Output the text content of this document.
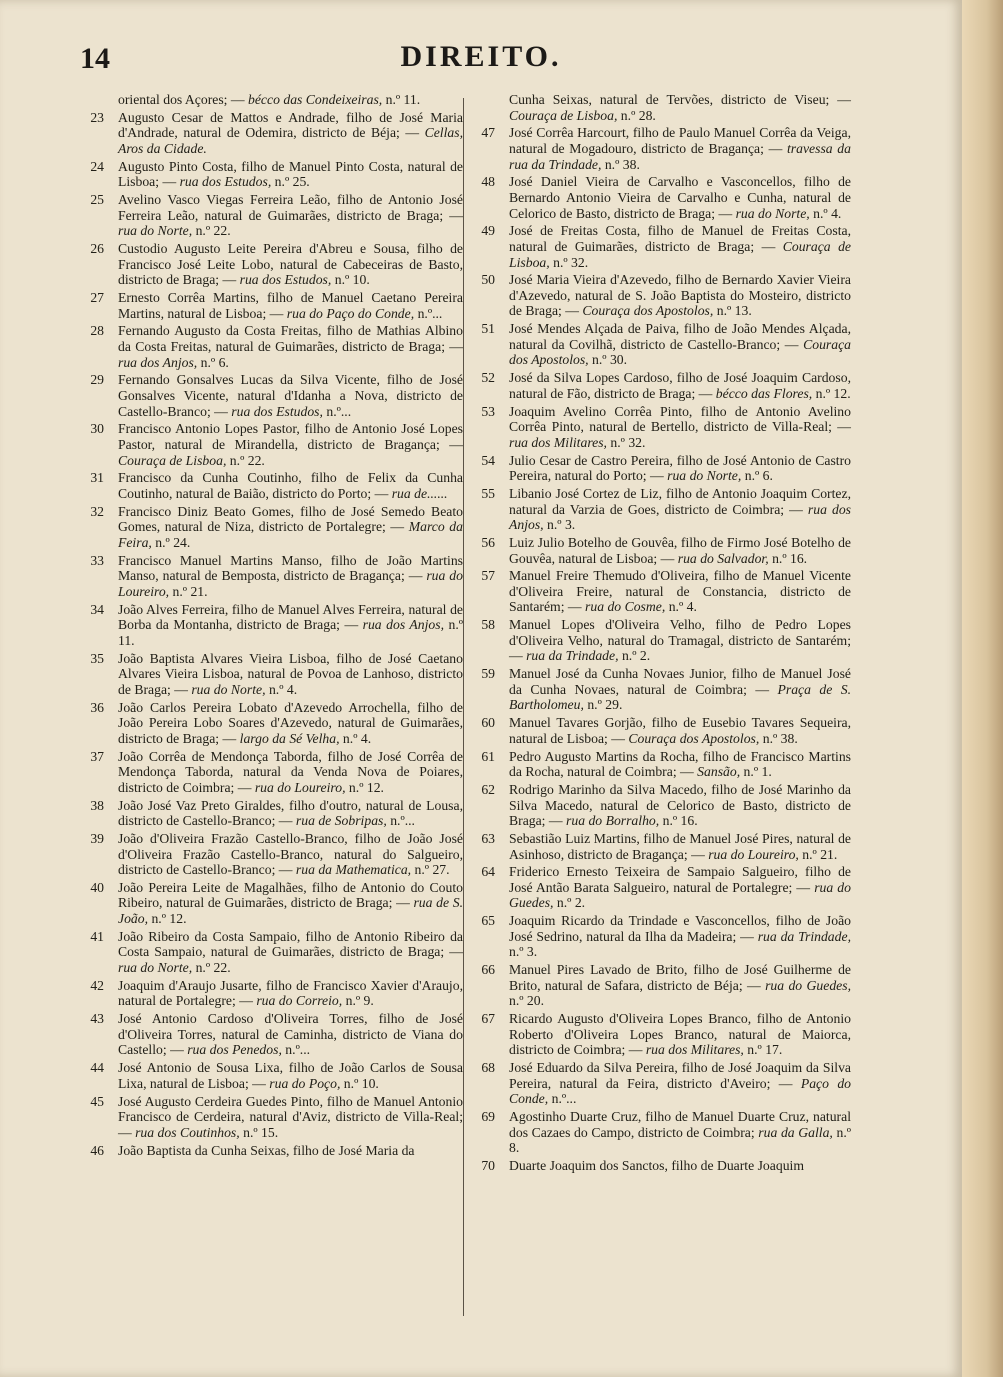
14	DIREITO.
oriental dos Açores; — bécco das Condeixeiras, n.º 11.
23 Augusto Cesar de Mattos e Andrade, filho de José Maria d'Andrade, natural de Odemira, districto de Béja; — Cellas, Aros da Cidade.
24 Augusto Pinto Costa, filho de Manuel Pinto Costa, natural de Lisboa; — rua dos Estudos, n.º 25.
25 Avelino Vasco Viegas Ferreira Leão, filho de Antonio José Ferreira Leão, natural de Guimarães, districto de Braga; — rua do Norte, n.º 22.
26 Custodio Augusto Leite Pereira d'Abreu e Sousa, filho de Francisco José Leite Lobo, natural de Cabeceiras de Basto, districto de Braga; — rua dos Estudos, n.º 10.
27 Ernesto Corrêa Martins, filho de Manuel Caetano Pereira Martins, natural de Lisboa; — rua do Paço do Conde, n.º...
28 Fernando Augusto da Costa Freitas, filho de Mathias Albino da Costa Freitas, natural de Guimarães, districto de Braga; — rua dos Anjos, n.º 6.
29 Fernando Gonsalves Lucas da Silva Vicente, filho de José Gonsalves Vicente, natural d'Idanha a Nova, districto de Castello-Branco; — rua dos Estudos, n.º...
30 Francisco Antonio Lopes Pastor, filho de Antonio José Lopes Pastor, natural de Mirandella, districto de Bragança; — Couraça de Lisboa, n.º 22.
31 Francisco da Cunha Coutinho, filho de Felix da Cunha Coutinho, natural de Baião, districto do Porto; — rua de......
32 Francisco Diniz Beato Gomes, filho de José Semedo Beato Gomes, natural de Niza, districto de Portalegre; — Marco da Feira, n.º 24.
33 Francisco Manuel Martins Manso, filho de João Martins Manso, natural de Bemposta, districto de Bragança; — rua do Loureiro, n.º 21.
34 João Alves Ferreira, filho de Manuel Alves Ferreira, natural de Borba da Montanha, districto de Braga; — rua dos Anjos, n.º 11.
35 João Baptista Alvares Vieira Lisboa, filho de José Caetano Alvares Vieira Lisboa, natural de Povoa de Lanhoso, districto de Braga; — rua do Norte, n.º 4.
36 João Carlos Pereira Lobato d'Azevedo Arrochella, filho de João Pereira Lobo Soares d'Azevedo, natural de Guimarães, districto de Braga; — largo da Sé Velha, n.º 4.
37 João Corrêa de Mendonça Taborda, filho de José Corrêa de Mendonça Taborda, natural da Venda Nova de Poiares, districto de Coimbra; — rua do Loureiro, n.º 12.
38 João José Vaz Preto Giraldes, filho d'outro, natural de Lousa, districto de Castello-Branco; — rua de Sobripas, n.º...
39 João d'Oliveira Frazão Castello-Branco, filho de João José d'Oliveira Frazão Castello-Branco, natural do Salgueiro, districto de Castello-Branco; — rua da Mathematica, n.º 27.
40 João Pereira Leite de Magalhães, filho de Antonio do Couto Ribeiro, natural de Guimarães, districto de Braga; — rua de S. João, n.º 12.
41 João Ribeiro da Costa Sampaio, filho de Antonio Ribeiro da Costa Sampaio, natural de Guimarães, districto de Braga; — rua do Norte, n.º 22.
42 Joaquim d'Araujo Jusarte, filho de Francisco Xavier d'Araujo, natural de Portalegre; — rua do Correio, n.º 9.
43 José Antonio Cardoso d'Oliveira Torres, filho de José d'Oliveira Torres, natural de Caminha, districto de Viana do Castello; — rua dos Penedos, n.º...
44 José Antonio de Sousa Lixa, filho de João Carlos de Sousa Lixa, natural de Lisboa; — rua do Poço, n.º 10.
45 José Augusto Cerdeira Guedes Pinto, filho de Manuel Antonio Francisco de Cerdeira, natural d'Aviz, districto de Villa-Real; — rua dos Coutinhos, n.º 15.
46 João Baptista da Cunha Seixas, filho de José Maria da
Cunha Seixas, natural de Tervões, districto de Viseu; — Couraça de Lisboa, n.º 28.
47 José Corrêa Harcourt, filho de Paulo Manuel Corrêa da Veiga, natural de Mogadouro, districto de Bragança; — travessa da rua da Trindade, n.º 38.
48 José Daniel Vieira de Carvalho e Vasconcellos, filho de Bernardo Antonio Vieira de Carvalho e Cunha, natural de Celorico de Basto, districto de Braga; — rua do Norte, n.º 4.
49 José de Freitas Costa, filho de Manuel de Freitas Costa, natural de Guimarães, districto de Braga; — Couraça de Lisboa, n.º 32.
50 José Maria Vieira d'Azevedo, filho de Bernardo Xavier Vieira d'Azevedo, natural de S. João Baptista do Mosteiro, districto de Braga; — Couraça dos Apostolos, n.º 13.
51 José Mendes Alçada de Paiva, filho de João Mendes Alçada, natural da Covilhã, districto de Castello-Branco; — Couraça dos Apostolos, n.º 30.
52 José da Silva Lopes Cardoso, filho de José Joaquim Cardoso, natural de Fão, districto de Braga; — bécco das Flores, n.º 12.
53 Joaquim Avelino Corrêa Pinto, filho de Antonio Avelino Corrêa Pinto, natural de Bertello, districto de Villa-Real; — rua dos Militares, n.º 32.
54 Julio Cesar de Castro Pereira, filho de José Antonio de Castro Pereira, natural do Porto; — rua do Norte, n.º 6.
55 Libanio José Cortez de Liz, filho de Antonio Joaquim Cortez, natural da Varzia de Goes, districto de Coimbra; — rua dos Anjos, n.º 3.
56 Luiz Julio Botelho de Gouvêa, filho de Firmo José Botelho de Gouvêa, natural de Lisboa; — rua do Salvador, n.º 16.
57 Manuel Freire Themudo d'Oliveira, filho de Manuel Vicente d'Oliveira Freire, natural de Constancia, districto de Santarém; — rua do Cosme, n.º 4.
58 Manuel Lopes d'Oliveira Velho, filho de Pedro Lopes d'Oliveira Velho, natural do Tramagal, districto de Santarém; — rua da Trindade, n.º 2.
59 Manuel José da Cunha Novaes Junior, filho de Manuel José da Cunha Novaes, natural de Coimbra; — Praça de S. Bartholomeu, n.º 29.
60 Manuel Tavares Gorjão, filho de Eusebio Tavares Sequeira, natural de Lisboa; — Couraça dos Apostolos, n.º 38.
61 Pedro Augusto Martins da Rocha, filho de Francisco Martins da Rocha, natural de Coimbra; — Sansão, n.º 1.
62 Rodrigo Marinho da Silva Macedo, filho de José Marinho da Silva Macedo, natural de Celorico de Basto, districto de Braga; — rua do Borralho, n.º 16.
63 Sebastião Luiz Martins, filho de Manuel José Pires, natural de Asinhoso, districto de Bragança; — rua do Loureiro, n.º 21.
64 Friderico Ernesto Teixeira de Sampaio Salgueiro, filho de José Antão Barata Salgueiro, natural de Portalegre; — rua do Guedes, n.º 2.
65 Joaquim Ricardo da Trindade e Vasconcellos, filho de João José Sedrino, natural da Ilha da Madeira; — rua da Trindade, n.º 3.
66 Manuel Pires Lavado de Brito, filho de José Guilherme de Brito, natural de Safara, districto de Béja; — rua do Guedes, n.º 20.
67 Ricardo Augusto d'Oliveira Lopes Branco, filho de Antonio Roberto d'Oliveira Lopes Branco, natural de Maiorca, districto de Coimbra; — rua dos Militares, n.º 17.
68 José Eduardo da Silva Pereira, filho de José Joaquim da Silva Pereira, natural da Feira, districto d'Aveiro; — Paço do Conde, n.º...
69 Agostinho Duarte Cruz, filho de Manuel Duarte Cruz, natural dos Cazaes do Campo, districto de Coimbra; rua da Galla, n.º 8.
70 Duarte Joaquim dos Sanctos, filho de Duarte Joaquim
